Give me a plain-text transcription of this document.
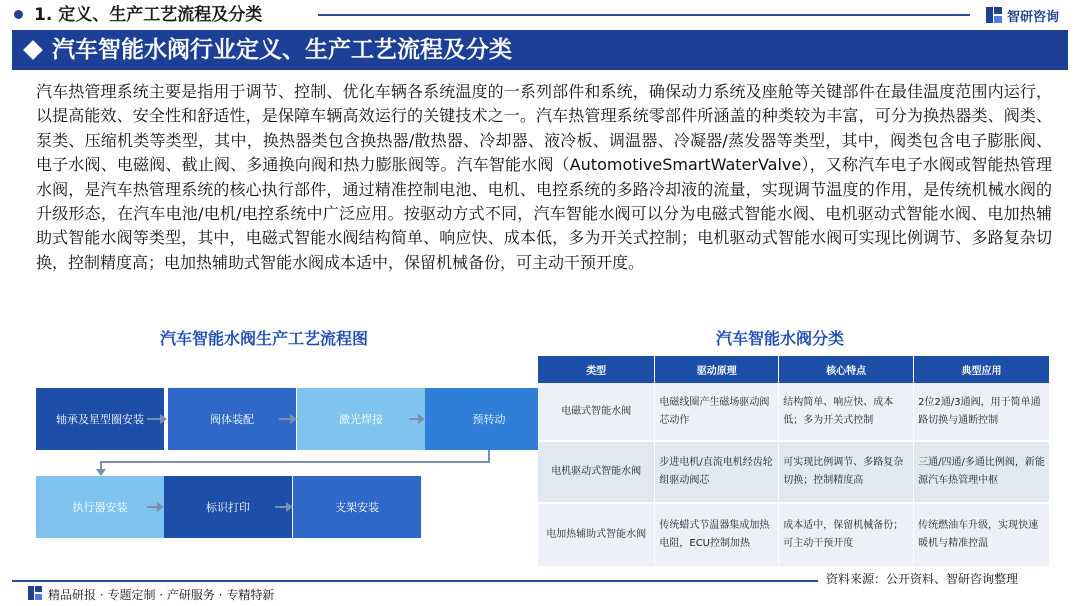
1. 定义、生产工艺流程及分类	智研咨询
汽车智能水阀行业定义、生产工艺流程及分类

汽车热管理系统主要是指用于调节、控制、优化车辆各系统温度的一系列部件和系统，确保动力系统及座舱等关键部件在最佳温度范围内运行，以提高能效、安全性和舒适性，是保障车辆高效运行的关键技术之一。汽车热管理系统零部件所涵盖的种类较为丰富，可分为换热器类、阀类、泵类、压缩机类等类型，其中，换热器类包含换热器/散热器、冷却器、液冷板、调温器、冷凝器/蒸发器等类型，其中，阀类包含电子膨胀阀、电子水阀、电磁阀、截止阀、多通换向阀和热力膨胀阀等。汽车智能水阀（AutomotiveSmartWaterValve），又称汽车电子水阀或智能热管理水阀，是汽车热管理系统的核心执行部件，通过精准控制电池、电机、电控系统的多路冷却液的流量，实现调节温度的作用，是传统机械水阀的升级形态，在汽车电池/电机/电控系统中广泛应用。按驱动方式不同，汽车智能水阀可以分为电磁式智能水阀、电机驱动式智能水阀、电加热辅助式智能水阀等类型，其中，电磁式智能水阀结构简单、响应快、成本低，多为开关式控制；电机驱动式智能水阀可实现比例调节、多路复杂切换，控制精度高；电加热辅助式智能水阀成本适中，保留机械备份，可主动干预开度。

汽车智能水阀生产工艺流程图	汽车智能水阀分类
轴承及星型圈安装	阀体装配	激光焊接	预转动
执行器安装	标识打印	支架安装
类型	驱动原理	核心特点	典型应用
电磁式智能水阀	电磁线圈产生磁场驱动阀芯动作	结构简单、响应快、成本低；多为开关式控制	2位2通/3通阀，用于简单通路切换与通断控制
电机驱动式智能水阀	步进电机/直流电机经齿轮组驱动阀芯	可实现比例调节、多路复杂切换；控制精度高	三通/四通/多通比例阀，新能源汽车热管理中枢
电加热辅助式智能水阀	传统蜡式节温器集成加热电阻，ECU控制加热	成本适中，保留机械备份；可主动干预开度	传统燃油车升级，实现快速暖机与精准控温
资料来源：公开资料、智研咨询整理
精品研报 · 专题定制 · 产研服务 · 专精特新
